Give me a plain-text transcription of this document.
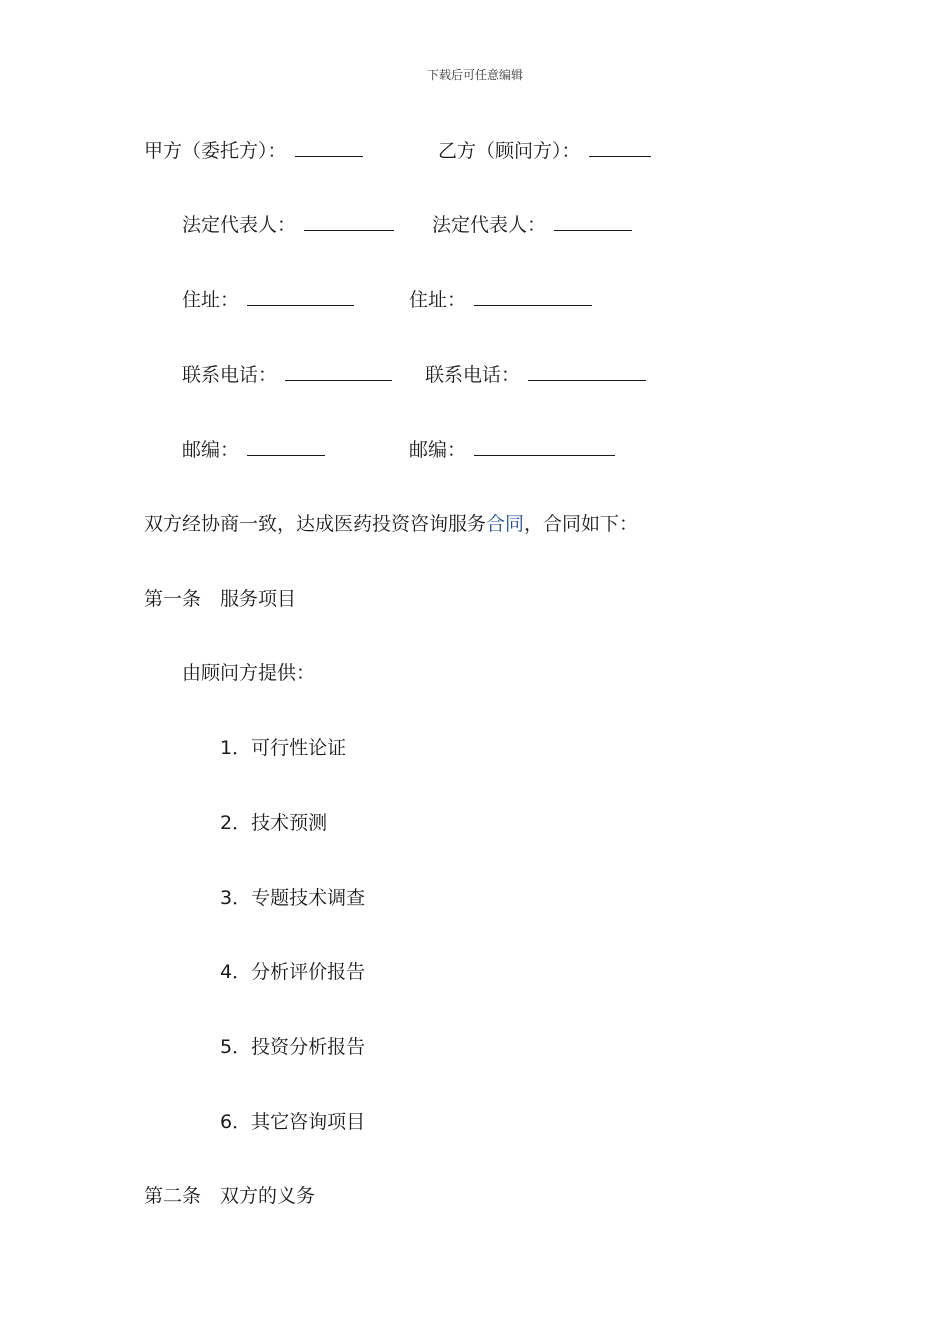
下载后可任意编辑
甲方（委托方）：	乙方（顾问方）：
法定代表人：	法定代表人：
住址：	住址：
联系电话：	联系电话：
邮编：	邮编：
双方经协商一致，达成医药投资咨询服务合同，合同如下：
第一条　服务项目
由顾问方提供：
1．可行性论证
2．技术预测
3．专题技术调查
4．分析评价报告
5．投资分析报告
6．其它咨询项目
第二条　双方的义务
